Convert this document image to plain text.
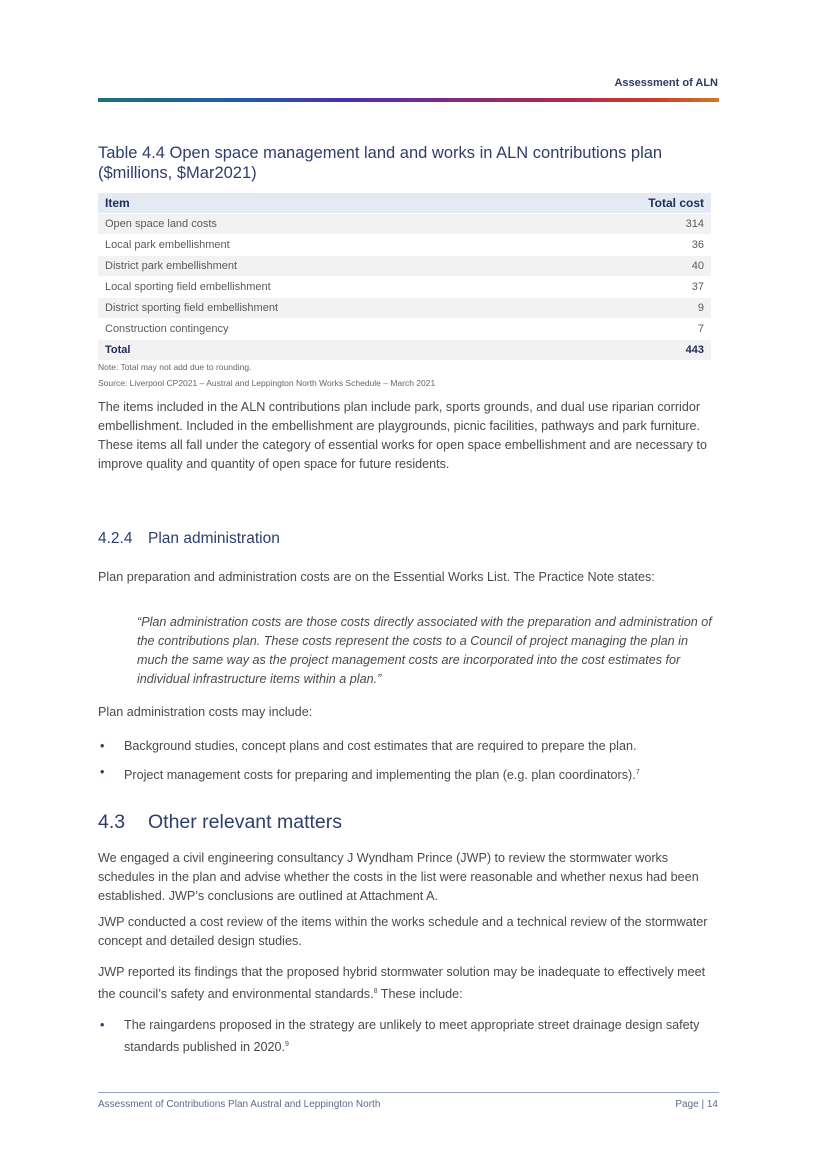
Assessment of ALN
Table 4.4 Open space management land and works in ALN contributions plan ($millions, $Mar2021)
Item	Total cost
Open space land costs	314
Local park embellishment	36
District park embellishment	40
Local sporting field embellishment	37
District sporting field embellishment	9
Construction contingency	7
Total	443
Note: Total may not add due to rounding.
Source: Liverpool CP2021 – Austral and Leppington North Works Schedule – March 2021
The items included in the ALN contributions plan include park, sports grounds, and dual use riparian corridor embellishment. Included in the embellishment are playgrounds, picnic facilities, pathways and park furniture. These items all fall under the category of essential works for open space embellishment and are necessary to improve quality and quantity of open space for future residents.
4.2.4 Plan administration
Plan preparation and administration costs are on the Essential Works List. The Practice Note states:
“Plan administration costs are those costs directly associated with the preparation and administration of the contributions plan. These costs represent the costs to a Council of project managing the plan in much the same way as the project management costs are incorporated into the cost estimates for individual infrastructure items within a plan.”
Plan administration costs may include:
• Background studies, concept plans and cost estimates that are required to prepare the plan.
• Project management costs for preparing and implementing the plan (e.g. plan coordinators).$^7$
4.3 Other relevant matters
We engaged a civil engineering consultancy J Wyndham Prince (JWP) to review the stormwater works schedules in the plan and advise whether the costs in the list were reasonable and whether nexus had been established. JWP’s conclusions are outlined at Attachment A.
JWP conducted a cost review of the items within the works schedule and a technical review of the stormwater concept and detailed design studies.
JWP reported its findings that the proposed hybrid stormwater solution may be inadequate to effectively meet the council’s safety and environmental standards.$^8$ These include:
• The raingardens proposed in the strategy are unlikely to meet appropriate street drainage design safety standards published in 2020.$^9$
Assessment of Contributions Plan Austral and Leppington North	Page | 14
